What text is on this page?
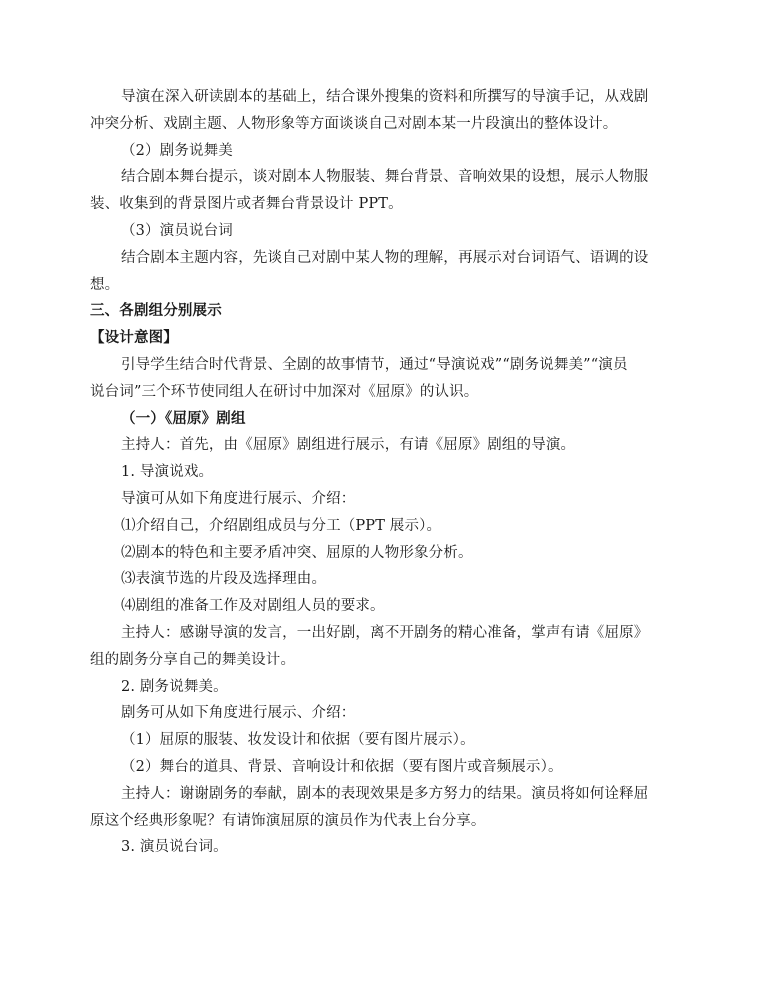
导演在深入研读剧本的基础上，结合课外搜集的资料和所撰写的导演手记，从戏剧
冲突分析、戏剧主题、人物形象等方面谈谈自己对剧本某一片段演出的整体设计。
（2）剧务说舞美
结合剧本舞台提示，谈对剧本人物服装、舞台背景、音响效果的设想，展示人物服
装、收集到的背景图片或者舞台背景设计 PPT。
（3）演员说台词
结合剧本主题内容，先谈自己对剧中某人物的理解，再展示对台词语气、语调的设
想。
三、各剧组分别展示
【设计意图】
引导学生结合时代背景、全剧的故事情节，通过“导演说戏”“剧务说舞美”“演员
说台词”三个环节使同组人在研讨中加深对《屈原》的认识。
（一）《屈原》剧组
主持人：首先，由《屈原》剧组进行展示，有请《屈原》剧组的导演。
1. 导演说戏。
导演可从如下角度进行展示、介绍：
⑴介绍自己，介绍剧组成员与分工（PPT 展示）。
⑵剧本的特色和主要矛盾冲突、屈原的人物形象分析。
⑶表演节选的片段及选择理由。
⑷剧组的准备工作及对剧组人员的要求。
主持人：感谢导演的发言，一出好剧，离不开剧务的精心准备，掌声有请《屈原》
组的剧务分享自己的舞美设计。
2. 剧务说舞美。
剧务可从如下角度进行展示、介绍：
（1）屈原的服装、妆发设计和依据（要有图片展示）。
（2）舞台的道具、背景、音响设计和依据（要有图片或音频展示）。
主持人：谢谢剧务的奉献，剧本的表现效果是多方努力的结果。演员将如何诠释屈
原这个经典形象呢？有请饰演屈原的演员作为代表上台分享。
3. 演员说台词。
